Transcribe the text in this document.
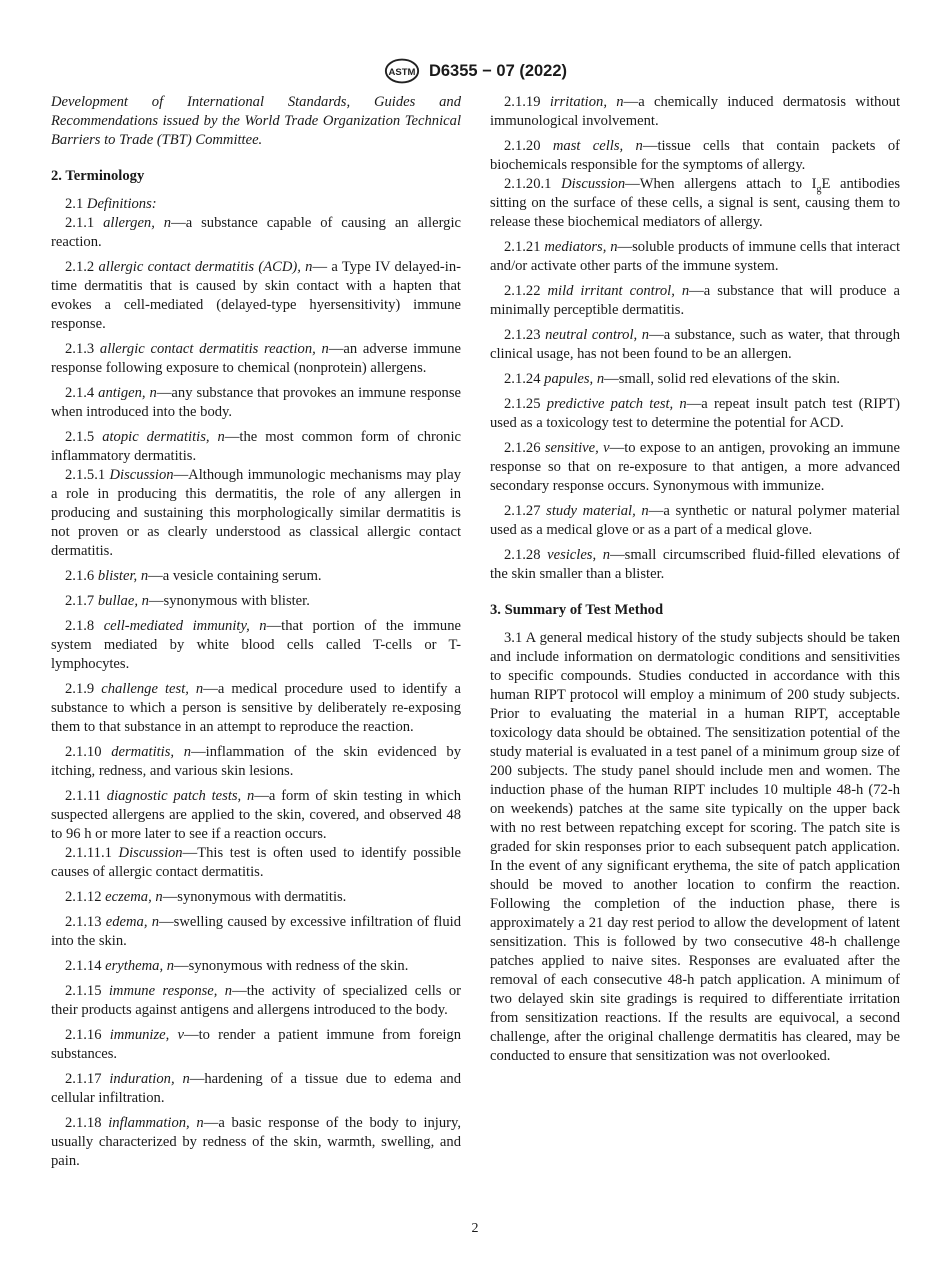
ASTM D6355 − 07 (2022)

Development of International Standards, Guides and Recommendations issued by the World Trade Organization Technical Barriers to Trade (TBT) Committee.

2. Terminology

2.1 Definitions:

2.1.1 allergen, n—a substance capable of causing an allergic reaction.

2.1.2 allergic contact dermatitis (ACD), n— a Type IV delayed-in-time dermatitis that is caused by skin contact with a hapten that evokes a cell-mediated (delayed-type hyersensitivity) immune response.

2.1.3 allergic contact dermatitis reaction, n—an adverse immune response following exposure to chemical (nonprotein) allergens.

2.1.4 antigen, n—any substance that provokes an immune response when introduced into the body.

2.1.5 atopic dermatitis, n—the most common form of chronic inflammatory dermatitis.

2.1.5.1 Discussion—Although immunologic mechanisms may play a role in producing this dermatitis, the role of any allergen in producing and sustaining this morphologically similar dermatitis is not proven or as clearly understood as classical allergic contact dermatitis.

2.1.6 blister, n—a vesicle containing serum.

2.1.7 bullae, n—synonymous with blister.

2.1.8 cell-mediated immunity, n—that portion of the immune system mediated by white blood cells called T-cells or T-lymphocytes.

2.1.9 challenge test, n—a medical procedure used to identify a substance to which a person is sensitive by deliberately re-exposing them to that substance in an attempt to reproduce the reaction.

2.1.10 dermatitis, n—inflammation of the skin evidenced by itching, redness, and various skin lesions.

2.1.11 diagnostic patch tests, n—a form of skin testing in which suspected allergens are applied to the skin, covered, and observed 48 to 96 h or more later to see if a reaction occurs.

2.1.11.1 Discussion—This test is often used to identify possible causes of allergic contact dermatitis.

2.1.12 eczema, n—synonymous with dermatitis.

2.1.13 edema, n—swelling caused by excessive infiltration of fluid into the skin.

2.1.14 erythema, n—synonymous with redness of the skin.

2.1.15 immune response, n—the activity of specialized cells or their products against antigens and allergens introduced to the body.

2.1.16 immunize, v—to render a patient immune from foreign substances.

2.1.17 induration, n—hardening of a tissue due to edema and cellular infiltration.

2.1.18 inflammation, n—a basic response of the body to injury, usually characterized by redness of the skin, warmth, swelling, and pain.

2.1.19 irritation, n—a chemically induced dermatosis without immunological involvement.

2.1.20 mast cells, n—tissue cells that contain packets of biochemicals responsible for the symptoms of allergy.

2.1.20.1 Discussion—When allergens attach to $I_gE$ antibodies sitting on the surface of these cells, a signal is sent, causing them to release these biochemical mediators of allergy.

2.1.21 mediators, n—soluble products of immune cells that interact and/or activate other parts of the immune system.

2.1.22 mild irritant control, n—a substance that will produce a minimally perceptible dermatitis.

2.1.23 neutral control, n—a substance, such as water, that through clinical usage, has not been found to be an allergen.

2.1.24 papules, n—small, solid red elevations of the skin.

2.1.25 predictive patch test, n—a repeat insult patch test (RIPT) used as a toxicology test to determine the potential for ACD.

2.1.26 sensitive, v—to expose to an antigen, provoking an immune response so that on re-exposure to that antigen, a more advanced secondary response occurs. Synonymous with immunize.

2.1.27 study material, n—a synthetic or natural polymer material used as a medical glove or as a part of a medical glove.

2.1.28 vesicles, n—small circumscribed fluid-filled elevations of the skin smaller than a blister.

3. Summary of Test Method

3.1 A general medical history of the study subjects should be taken and include information on dermatologic conditions and sensitivities to specific compounds. Studies conducted in accordance with this human RIPT protocol will employ a minimum of 200 study subjects. Prior to evaluating the material in a human RIPT, acceptable toxicology data should be obtained. The sensitization potential of the study material is evaluated in a test panel of a minimum group size of 200 subjects. The study panel should include men and women. The induction phase of the human RIPT includes 10 multiple 48-h (72-h on weekends) patches at the same site typically on the upper back with no rest between repatching except for scoring. The patch site is graded for skin responses prior to each subsequent patch application. In the event of any significant erythema, the site of patch application should be moved to another location to confirm the reaction. Following the completion of the induction phase, there is approximately a 21 day rest period to allow the development of latent sensitization. This is followed by two consecutive 48-h challenge patches applied to naive sites. Responses are evaluated after the removal of each consecutive 48-h patch application. A minimum of two delayed skin site gradings is required to differentiate irritation from sensitization reactions. If the results are equivocal, a second challenge, after the original challenge dermatitis has cleared, may be conducted to ensure that sensitization was not overlooked.

2
